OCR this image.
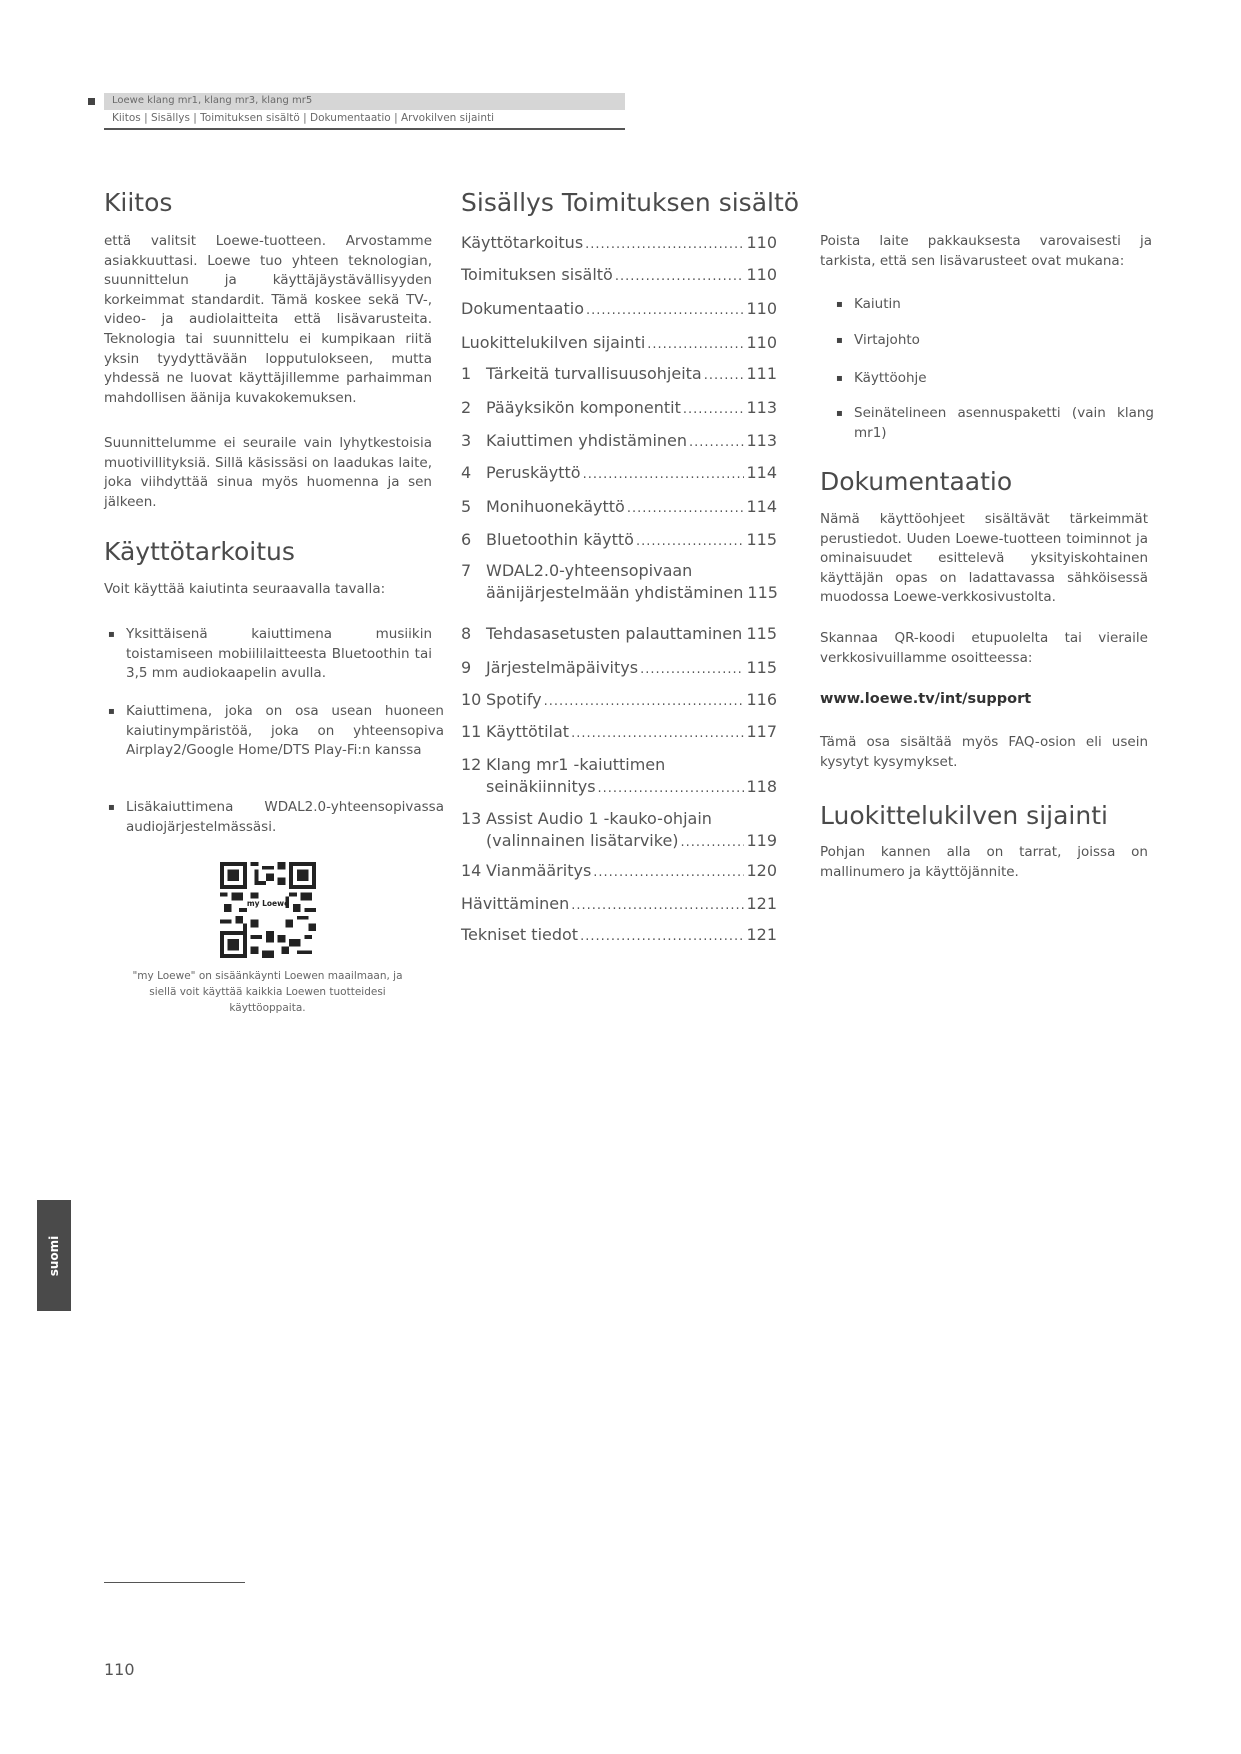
Loewe klang mr1, klang mr3, klang mr5
Kiitos | Sisällys | Toimituksen sisältö | Dokumentaatio | Arvokilven sijainti
Kiitos

että valitsit Loewe-tuotteen. Arvostamme asiakkuuttasi. Loewe tuo yhteen teknologian, suunnittelun ja käyttäjäystävällisyyden korkeimmat standardit. Tämä koskee sekä TV-, video- ja audiolaitteita että lisävarusteita. Teknologia tai suunnittelu ei kumpikaan riitä yksin tyydyttävään lopputulokseen, mutta yhdessä ne luovat käyttäjillemme parhaimman mahdollisen äänija kuvakokemuksen.

Suunnittelumme ei seuraile vain lyhytkestoisia muotivillityksiä. Sillä käsissäsi on laadukas laite, joka viihdyttää sinua myös huomenna ja sen jälkeen.

Käyttötarkoitus

Voit käyttää kaiutinta seuraavalla tavalla:

▪ Yksittäisenä kaiuttimena musiikin toistamiseen mobiililaitteesta Bluetoothin tai 3,5 mm audiokaapelin avulla.
▪ Kaiuttimena, joka on osa usean huoneen kaiutinympäristöä, joka on yhteensopiva Airplay2/Google Home/DTS Play-Fi:n kanssa
▪ Lisäkaiuttimena WDAL2.0-yhteensopivassa audiojärjestelmässäsi.
my Loewe
"my Loewe" on sisäänkäynti Loewen maailmaan, ja siellä voit käyttää kaikkia Loewen tuotteidesi käyttöoppaita.
Sisällys Toimituksen sisältö
Käyttötarkoitus .....	110
Toimituksen sisältö .....	110
Dokumentaatio .....	110
Luokittelukilven sijainti .....	110
1 Tärkeitä turvallisuusohjeita .....	111
2 Pääyksikön komponentit .....	113
3 Kaiuttimen yhdistäminen .....	113
4 Peruskäyttö .....	114
5 Monihuonekäyttö .....	114
6 Bluetoothin käyttö .....	115
7 WDAL2.0-yhteensopivaan
äänijärjestelmään yhdistäminen 115
8 Tehdasasetusten palauttaminen ..... 115
9 Järjestelmäpäivitys .....	115
10 Spotify .....	116
11 Käyttötilat .....	117
12 Klang mr1 -kaiuttimen
seinäkiinnitys .....	118
13 Assist Audio 1 -kauko-ohjain
(valinnainen lisätarvike) .....	119
14 Vianmääritys .....	120
Hävittäminen .....	121
Tekniset tiedot .....	121

Poista laite pakkauksesta varovaisesti ja tarkista, että sen lisävarusteet ovat mukana:

▪ Kaiutin
▪ Virtajohto
▪ Käyttöohje
▪ Seinätelineen asennuspaketti (vain klang mr1)
Dokumentaatio

Nämä käyttöohjeet sisältävät tärkeimmät perustiedot. Uuden Loewe-tuotteen toiminnot ja ominaisuudet esittelevä yksityiskohtainen käyttäjän opas on ladattavassa sähköisessä muodossa Loewe-verkkosivustolta.

Skannaa QR-koodi etupuolelta tai vieraile verkkosivuillamme osoitteessa:

www.loewe.tv/int/support

Tämä osa sisältää myös FAQ-osion eli usein kysytyt kysymykset.

Luokittelukilven sijainti

Pohjan kannen alla on tarrat, joissa on mallinumero ja käyttöjännite.

suomi
110
